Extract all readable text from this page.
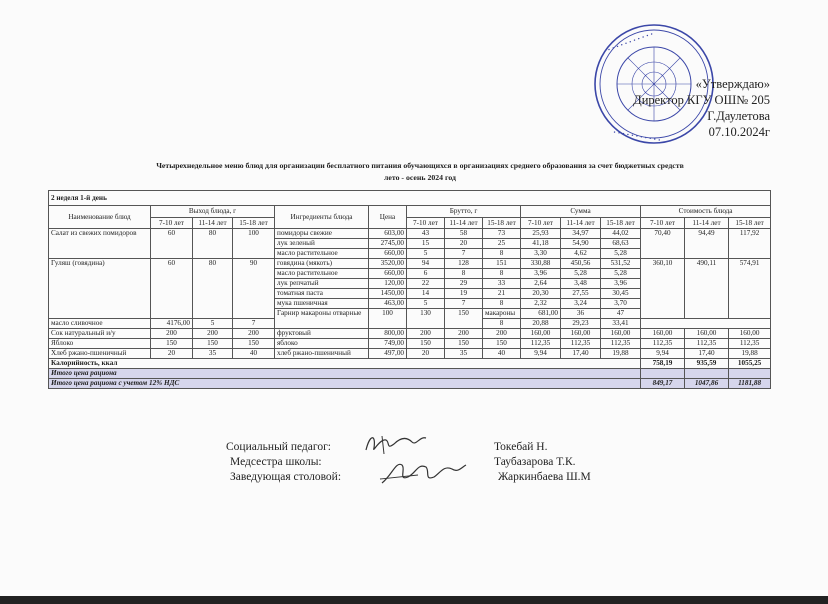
• • • • • • • • • • •
• • • • • • • • • • •
«Утверждаю»
Директор КГУ ОШ№ 205
Г.Даулетова
07.10.2024г
Четырехнедельное меню блюд для организации бесплатного питания обучающихся в организациях среднего образования за счет бюджетных средств
лето - осень 2024 год
2 неделя 1-й день															
Наименование блюд	Выход блюда, г			Ингредиенты блюда	Цена	Брутто, г			Сумма			Стоимость блюда			
	7-10 лет	11-14 лет	15-18 лет			7-10 лет	11-14 лет	15-18 лет	7-10 лет	11-14 лет	15-18 лет	7-10 лет	11-14 лет	15-18 лет	
Салат из свежих помидоров	60	80	100	помидоры свежие	603,00	43	58	73	25,93	34,97	44,02	70,40	94,49	117,92	
				лук зеленый	2745,00	15	20	25	41,18	54,90	68,63				
				масло растительное	660,00	5	7	8	3,30	4,62	5,28				
Гуляш (говядина)	60	80	90	говядина (мякоть)	3520,00	94	128	151	330,88	450,56	531,52	360,10	490,11	574,91	
				масло растительное	660,00	6	8	8	3,96	5,28	5,28				
				лук репчатый	120,00	22	29	33	2,64	3,48	3,96				
				томатная паста	1450,00	14	19	21	20,30	27,55	30,45				
				мука пшеничная	463,00	5	7	8	2,32	3,24	3,70				
				Гарнир макароны отварные	100	130	150	макароны	681,00	36	47							
масло сливочное	4176,00	5	7					8	20,88	29,23	33,41				
Сок натуральный и/у	200	200	200	фруктовый	800,00	200	200	200	160,00	160,00	160,00	160,00	160,00	160,00	
Яблоко	150	150	150	яблоко	749,00	150	150	150	112,35	112,35	112,35	112,35	112,35	112,35	
Хлеб ржано-пшеничный	20	35	40	хлеб ржано-пшеничный	497,00	20	35	40	9,94	17,40	19,88	9,94	17,40	19,88	
Калорийность, ккал												758,19	935,59	1055,25	
Итого цена рациона															
Итого цена рациона с учетом 12% НДС												849,17	1047,86	1181,88	
Социальный педагог:
Медсестра школы:
Заведующая столовой:
Токебай Н.
Таубазарова Т.К.
Жаркинбаева Ш.М
